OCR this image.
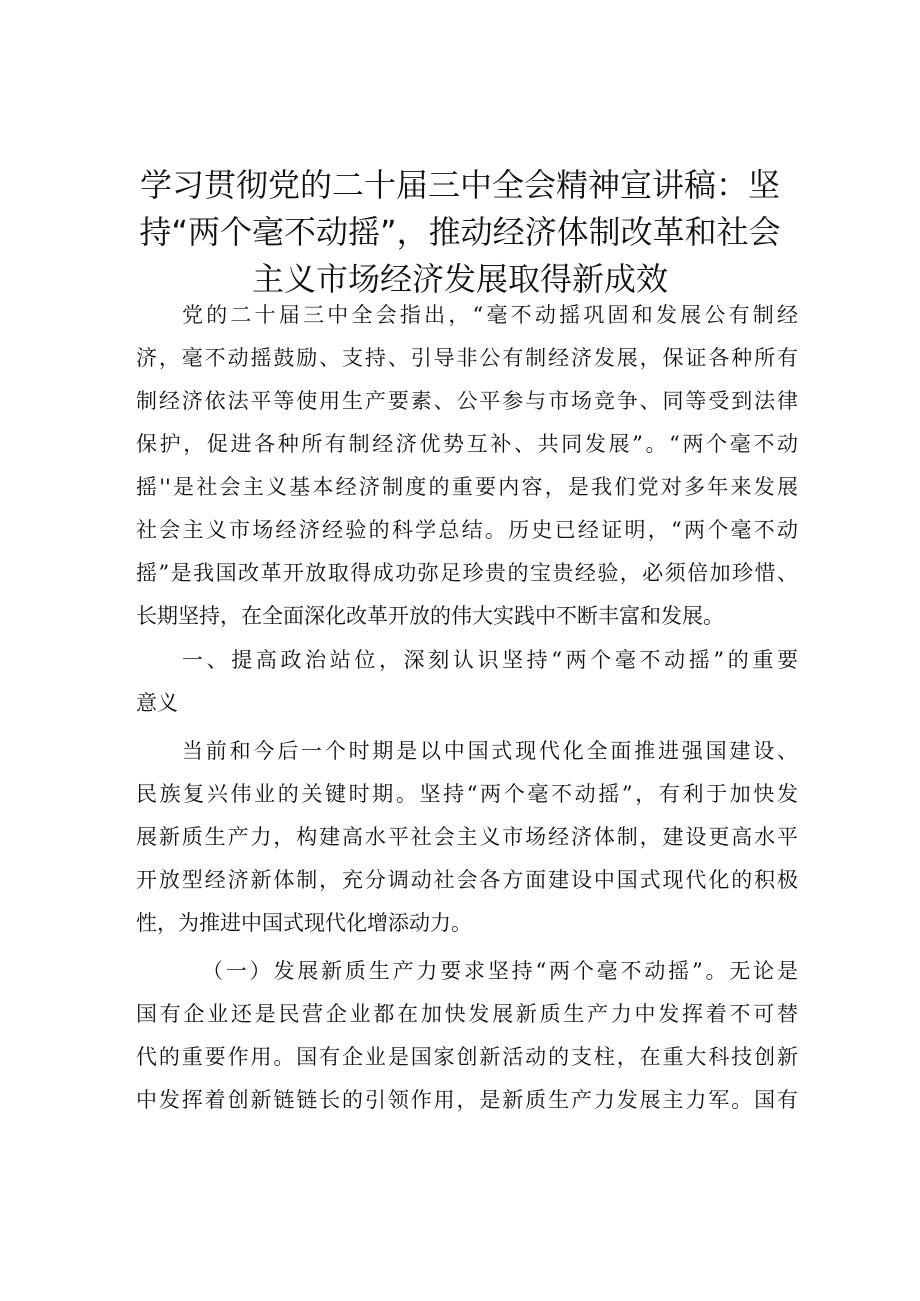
学习贯彻党的二十届三中全会精神宣讲稿：坚
持“两个毫不动摇”，推动经济体制改革和社会
主义市场经济发展取得新成效
党的二十届三中全会指出，“毫不动摇巩固和发展公有制经
济，毫不动摇鼓励、支持、引导非公有制经济发展，保证各种所有
制经济依法平等使用生产要素、公平参与市场竞争、同等受到法律
保护，促进各种所有制经济优势互补、共同发展”。“两个毫不动
摇''是社会主义基本经济制度的重要内容，是我们党对多年来发展
社会主义市场经济经验的科学总结。历史已经证明，“两个毫不动
摇”是我国改革开放取得成功弥足珍贵的宝贵经验，必须倍加珍惜、
长期坚持，在全面深化改革开放的伟大实践中不断丰富和发展。
一、提高政治站位，深刻认识坚持“两个毫不动摇”的重要
意义
当前和今后一个时期是以中国式现代化全面推进强国建设、
民族复兴伟业的关键时期。坚持“两个毫不动摇”，有利于加快发
展新质生产力，构建高水平社会主义市场经济体制，建设更高水平
开放型经济新体制，充分调动社会各方面建设中国式现代化的积极
性，为推进中国式现代化增添动力。
（一）发展新质生产力要求坚持“两个毫不动摇”。无论是
国有企业还是民营企业都在加快发展新质生产力中发挥着不可替
代的重要作用。国有企业是国家创新活动的支柱，在重大科技创新
中发挥着创新链链长的引领作用，是新质生产力发展主力军。国有
